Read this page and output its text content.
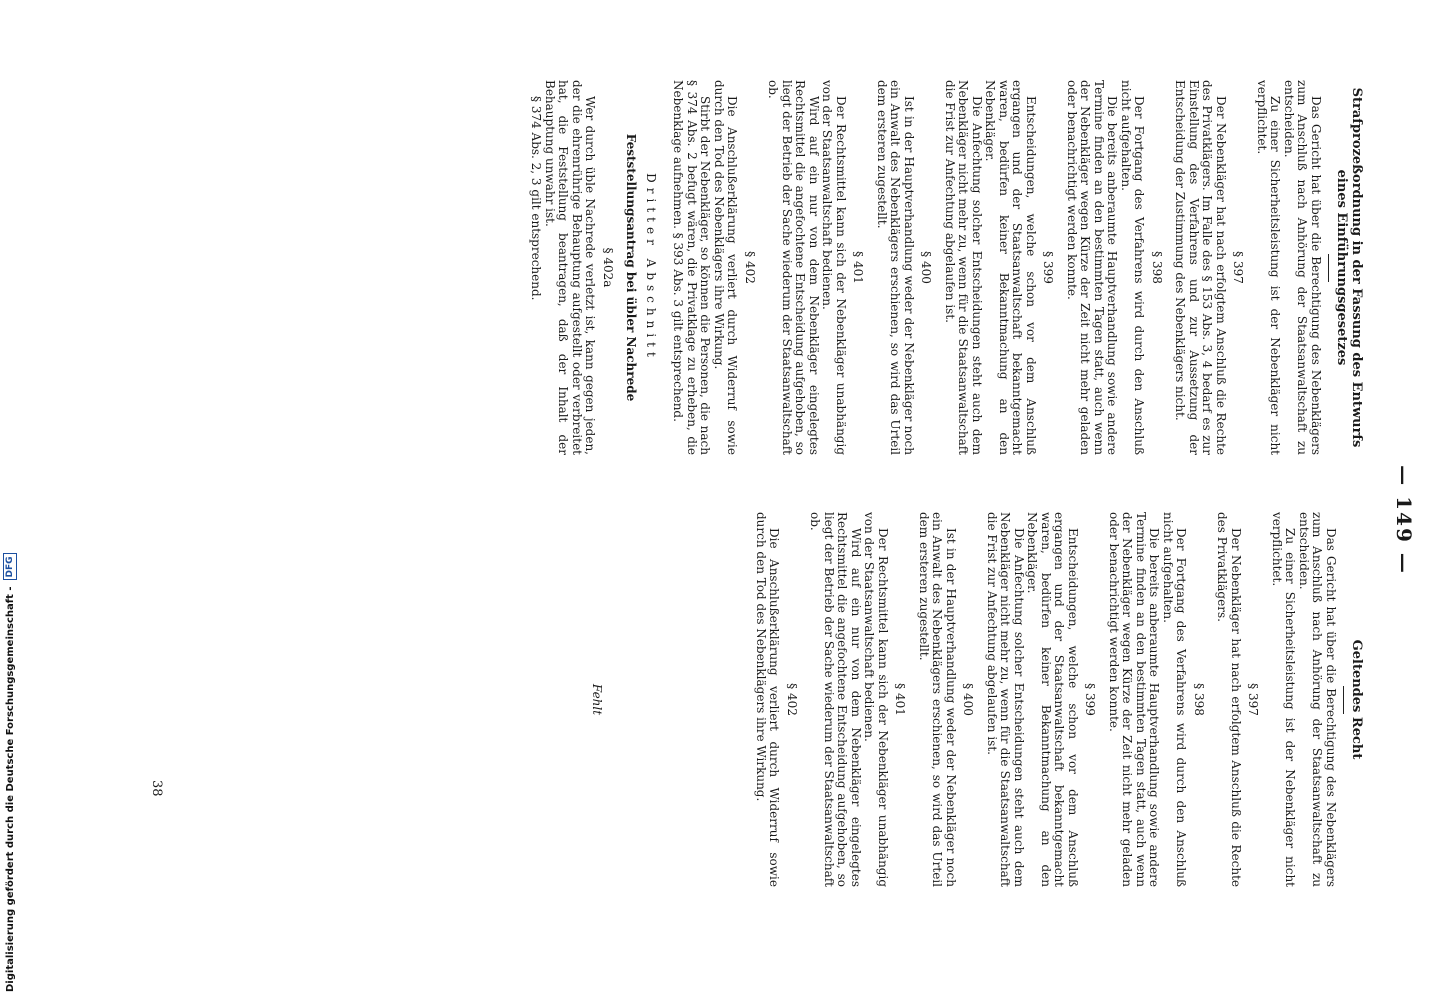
Digitalisierung gefördert durch die Deutsche Forschungsgemeinschaft -
DFG	— 149 —
Strafprozeßordnung in der Fassung des Entwurfs eines Einführungsgesetzes

Das Gericht hat über die Berechtigung des Nebenklägers zum Anschluß nach Anhörung der Staatsanwaltschaft zu entscheiden.

Zu einer Sicherheitsleistung ist der Nebenkläger nicht verpflichtet.

§ 397

Der Nebenkläger hat nach erfolgtem Anschluß die Rechte des Privatklägers. Im Falle des § 153 Abs. 3, 4 bedarf es zur Einstellung des Verfahrens und zur Aussetzung der Entscheidung der Zustimmung des Nebenklägers nicht.

§ 398

Der Fortgang des Verfahrens wird durch den Anschluß nicht aufgehalten.

Die bereits anberaumte Hauptverhandlung sowie andere Termine finden an den bestimmten Tagen statt, auch wenn der Nebenkläger wegen Kürze der Zeit nicht mehr geladen oder benachrichtigt werden konnte.

§ 399

Entscheidungen, welche schon vor dem Anschluß ergangen und der Staatsanwaltschaft bekanntgemacht waren, bedürfen keiner Bekanntmachung an den Nebenkläger.

Die Anfechtung solcher Entscheidungen steht auch dem Nebenkläger nicht mehr zu, wenn für die Staatsanwaltschaft die Frist zur Anfechtung abgelaufen ist.

§ 400

Ist in der Hauptverhandlung weder der Nebenkläger noch ein Anwalt des Nebenklägers erschienen, so wird das Urteil dem ersteren zugestellt.

§ 401

Der Rechtsmittel kann sich der Nebenkläger unabhängig von der Staatsanwaltschaft bedienen.

Wird auf ein nur von dem Nebenkläger eingelegtes Rechtsmittel die angefochtene Entscheidung aufgehoben, so liegt der Betrieb der Sache wiederum der Staatsanwaltschaft ob.

§ 402

Die Anschlußerklärung verliert durch Widerruf sowie durch den Tod des Nebenklägers ihre Wirkung.

Stirbt der Nebenkläger, so können die Personen, die nach § 374 Abs. 2 befugt wären, die Privatklage zu erheben, die Nebenklage aufnehmen. § 393 Abs. 3 gilt entsprechend.

Dritter Abschnitt
Feststellungsantrag bei übler Nachrede
§ 402a

Wer durch üble Nachrede verletzt ist, kann gegen jeden, der die ehrenrührige Behauptung aufgestellt oder verbreitet hat, die Feststellung beantragen, daß der Inhalt der Behauptung unwahr ist.

§ 374 Abs. 2, 3 gilt entsprechend.

Geltendes Recht

Das Gericht hat über die Berechtigung des Nebenklägers zum Anschluß nach Anhörung der Staatsanwaltschaft zu entscheiden.

Zu einer Sicherheitsleistung ist der Nebenkläger nicht verpflichtet.

§ 397

Der Nebenkläger hat nach erfolgtem Anschluß die Rechte des Privatklägers.

§ 398

Der Fortgang des Verfahrens wird durch den Anschluß nicht aufgehalten.

Die bereits anberaumte Hauptverhandlung sowie andere Termine finden an den bestimmten Tagen statt, auch wenn der Nebenkläger wegen Kürze der Zeit nicht mehr geladen oder benachrichtigt werden konnte.

§ 399

Entscheidungen, welche schon vor dem Anschluß ergangen und der Staatsanwaltschaft bekanntgemacht waren, bedürfen keiner Bekanntmachung an den Nebenkläger.

Die Anfechtung solcher Entscheidungen steht auch dem Nebenkläger nicht mehr zu, wenn für die Staatsanwaltschaft die Frist zur Anfechtung abgelaufen ist.

§ 400

Ist in der Hauptverhandlung weder der Nebenkläger noch ein Anwalt des Nebenklägers erschienen, so wird das Urteil dem ersteren zugestellt.

§ 401

Der Rechtsmittel kann sich der Nebenkläger unabhängig von der Staatsanwaltschaft bedienen.

Wird auf ein nur von dem Nebenkläger eingelegtes Rechtsmittel die angefochtene Entscheidung aufgehoben, so liegt der Betrieb der Sache wiederum der Staatsanwaltschaft ob.

§ 402

Die Anschlußerklärung verliert durch Widerruf sowie durch den Tod des Nebenklägers ihre Wirkung.

Fehlt
38
